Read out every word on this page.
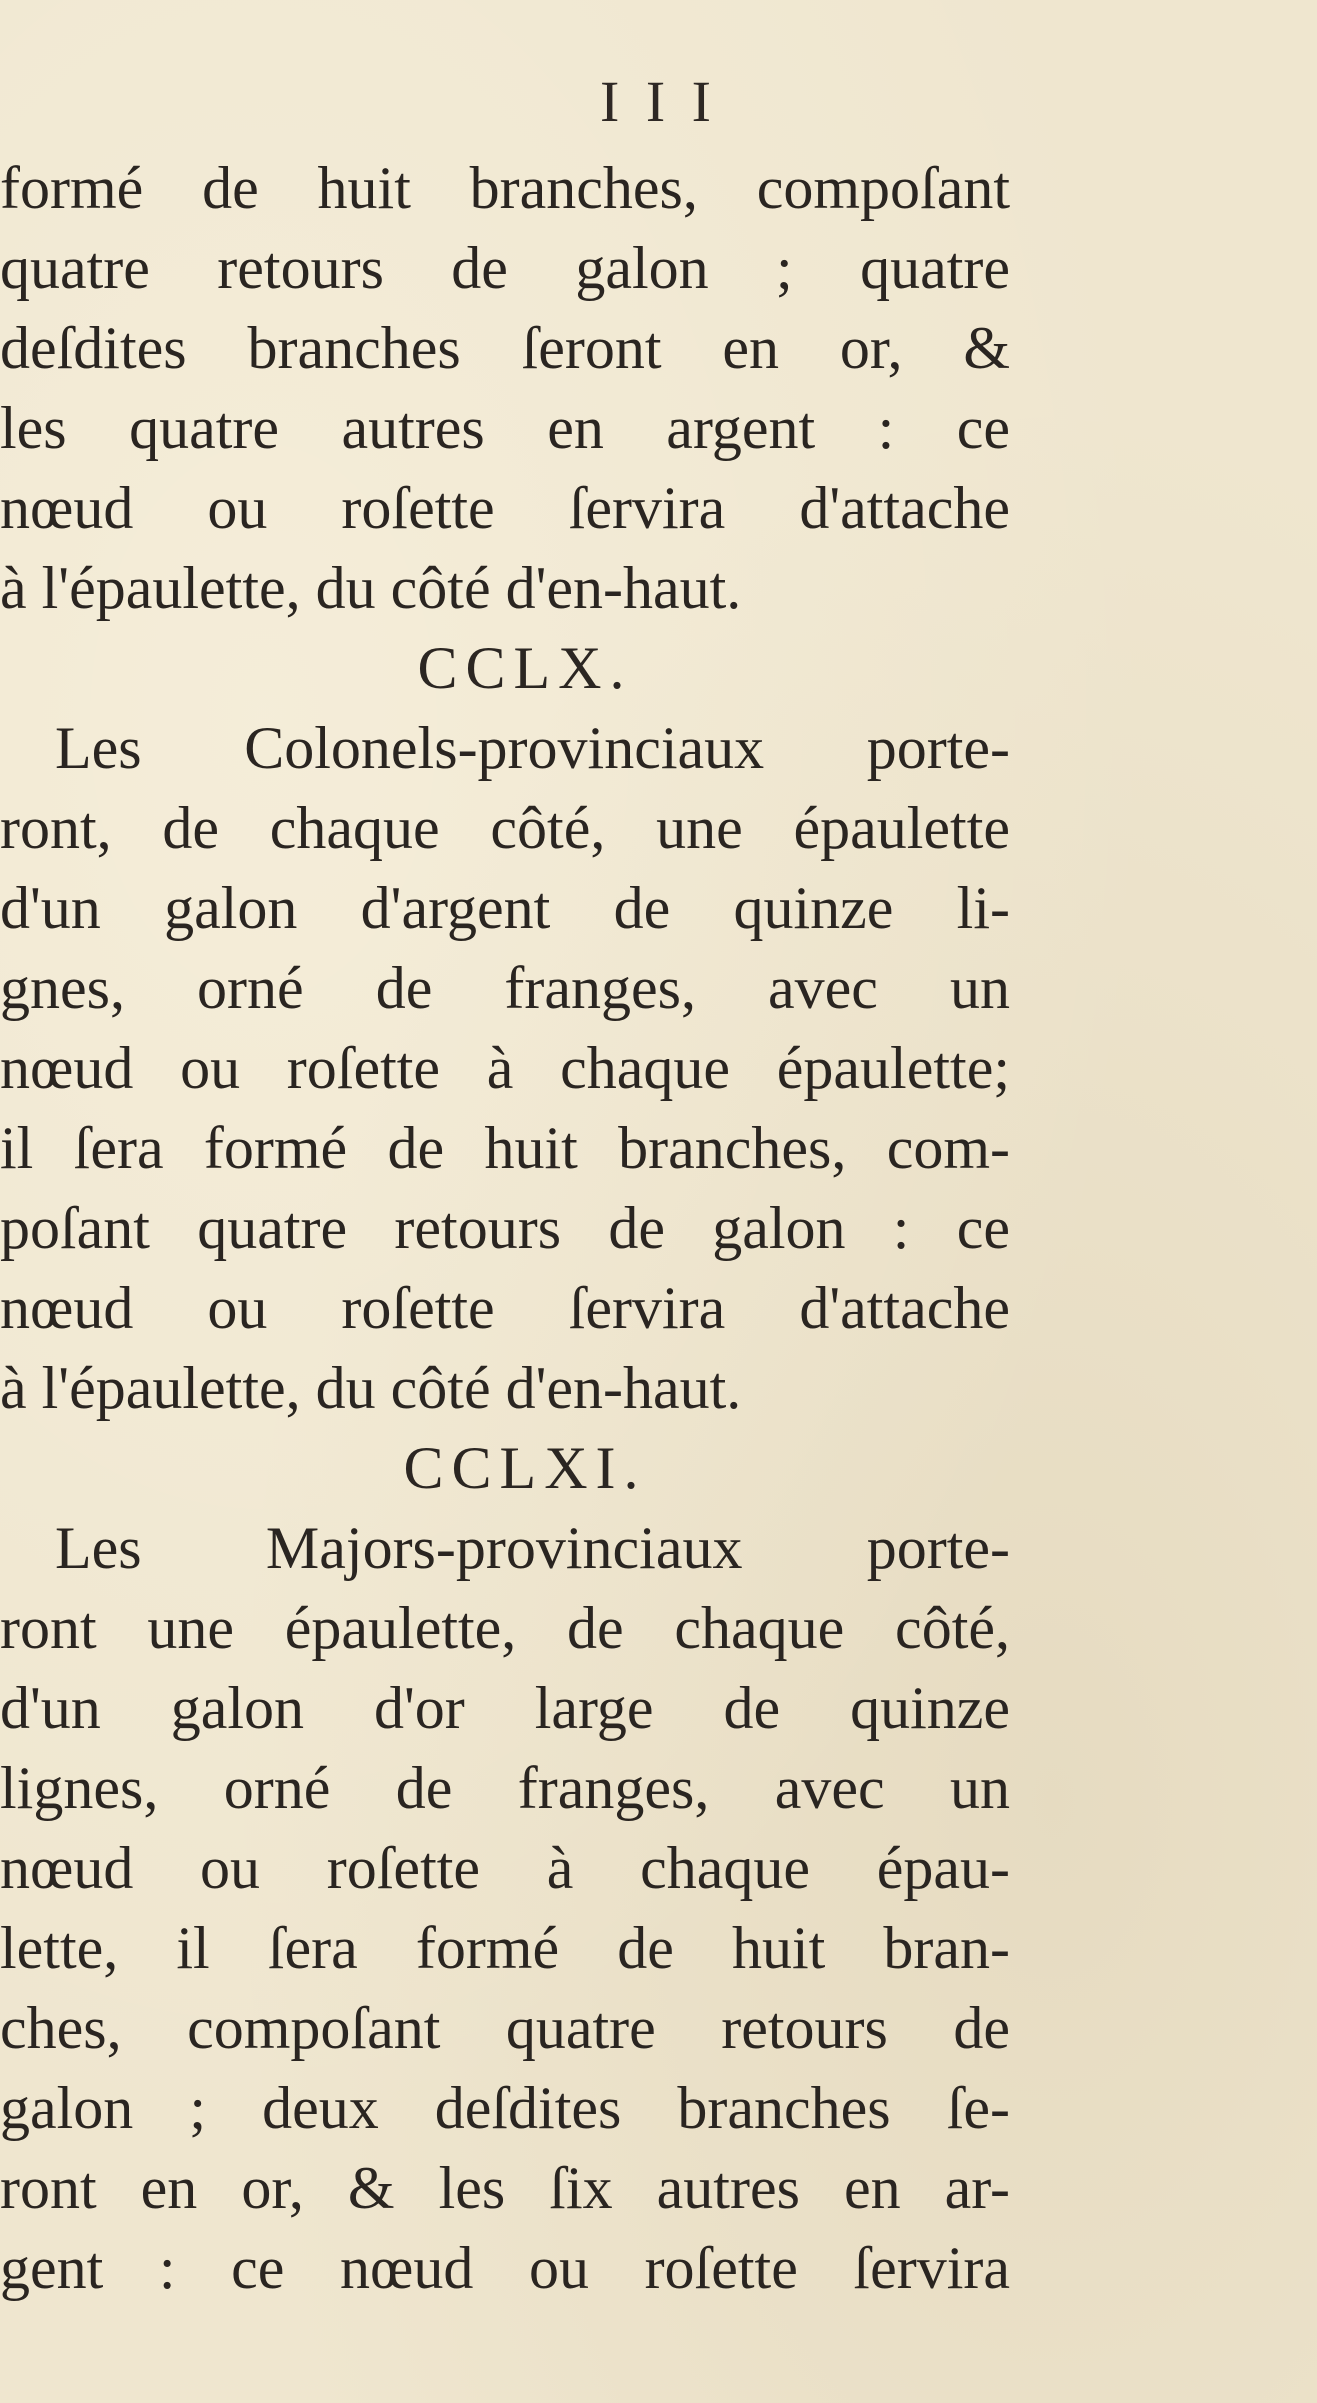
I I I
formé de huit branches, compoſant
quatre retours de galon ; quatre
deſdites branches ſeront en or, &
les quatre autres en argent : ce
nœud ou roſette ſervira d'attache
à l'épaulette, du côté d'en-haut.
CCLX.
Les Colonels-provinciaux porte-
ront, de chaque côté, une épaulette
d'un galon d'argent de quinze li-
gnes, orné de franges, avec un
nœud ou roſette à chaque épaulette;
il ſera formé de huit branches, com-
poſant quatre retours de galon : ce
nœud ou roſette ſervira d'attache
à l'épaulette, du côté d'en-haut.
CCLXI.
Les Majors-provinciaux porte-
ront une épaulette, de chaque côté,
d'un galon d'or large de quinze
lignes, orné de franges, avec un
nœud ou roſette à chaque épau-
lette, il ſera formé de huit bran-
ches, compoſant quatre retours de
galon ; deux deſdites branches ſe-
ront en or, & les ſix autres en ar-
gent : ce nœud ou roſette ſervira
